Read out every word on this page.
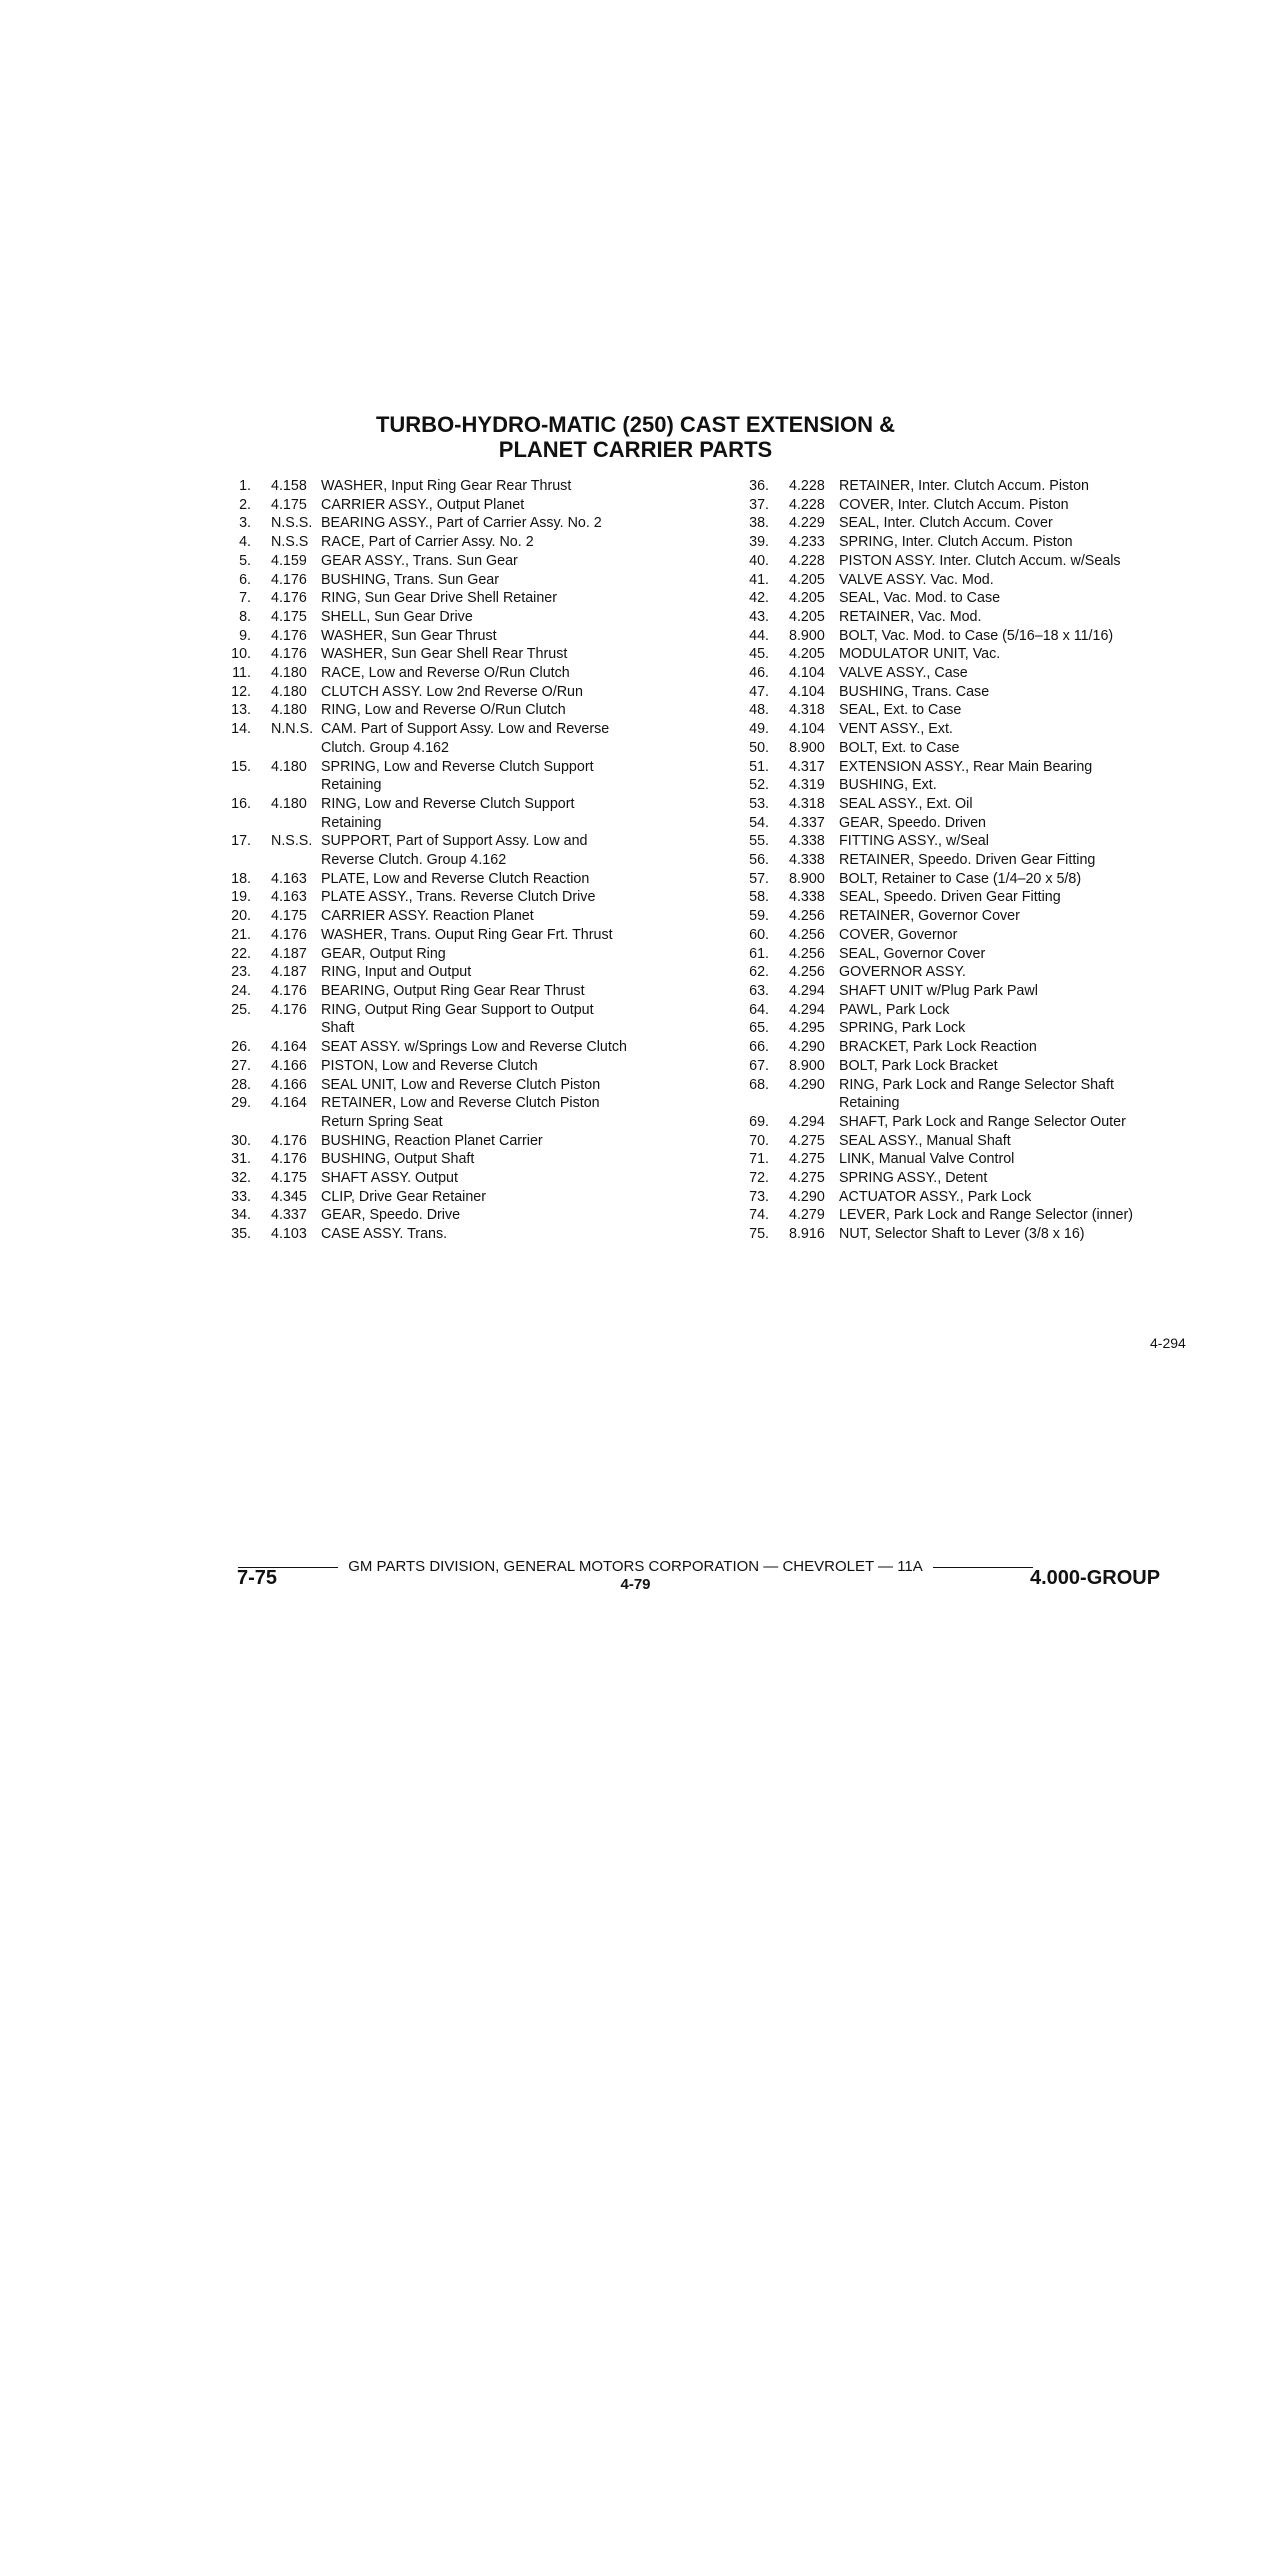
TURBO-HYDRO-MATIC (250) CAST EXTENSION &
PLANET CARRIER PARTS
1.	4.158 WASHER, Input Ring Gear Rear Thrust
2.	4.175 CARRIER ASSY., Output Planet
3.	N.S.S. BEARING ASSY., Part of Carrier Assy. No. 2
4.	N.S.S RACE, Part of Carrier Assy. No. 2
5.	4.159 GEAR ASSY., Trans. Sun Gear
6.	4.176 BUSHING, Trans. Sun Gear
7.	4.176 RING, Sun Gear Drive Shell Retainer
8.	4.175 SHELL, Sun Gear Drive
9.	4.176 WASHER, Sun Gear Thrust
10.	4.176 WASHER, Sun Gear Shell Rear Thrust
11.	4.180 RACE, Low and Reverse O/Run Clutch
12.	4.180 CLUTCH ASSY. Low 2nd Reverse O/Run
13.	4.180 RING, Low and Reverse O/Run Clutch
14.	N.N.S. CAM. Part of Support Assy. Low and Reverse
Clutch. Group 4.162
15.	4.180 SPRING, Low and Reverse Clutch Support
Retaining
16.	4.180 RING, Low and Reverse Clutch Support
Retaining
17.	N.S.S. SUPPORT, Part of Support Assy. Low and
Reverse Clutch. Group 4.162
18.	4.163 PLATE, Low and Reverse Clutch Reaction
19.	4.163 PLATE ASSY., Trans. Reverse Clutch Drive
20.	4.175 CARRIER ASSY. Reaction Planet
21.	4.176 WASHER, Trans. Ouput Ring Gear Frt. Thrust
22.	4.187 GEAR, Output Ring
23.	4.187 RING, Input and Output
24.	4.176 BEARING, Output Ring Gear Rear Thrust
25.	4.176 RING, Output Ring Gear Support to Output
Shaft
26.	4.164 SEAT ASSY. w/Springs Low and Reverse Clutch
27.	4.166 PISTON, Low and Reverse Clutch
28.	4.166 SEAL UNIT, Low and Reverse Clutch Piston
29.	4.164 RETAINER, Low and Reverse Clutch Piston
Return Spring Seat
30.	4.176 BUSHING, Reaction Planet Carrier
31.	4.176 BUSHING, Output Shaft
32.	4.175 SHAFT ASSY. Output
33.	4.345 CLIP, Drive Gear Retainer
34.	4.337 GEAR, Speedo. Drive
35.	4.103 CASE ASSY. Trans.
36.	4.228 RETAINER, Inter. Clutch Accum. Piston
37.	4.228 COVER, Inter. Clutch Accum. Piston
38.	4.229 SEAL, Inter. Clutch Accum. Cover
39.	4.233 SPRING, Inter. Clutch Accum. Piston
40.	4.228 PISTON ASSY. Inter. Clutch Accum. w/Seals
41.	4.205 VALVE ASSY. Vac. Mod.
42.	4.205 SEAL, Vac. Mod. to Case
43.	4.205 RETAINER, Vac. Mod.
44.	8.900 BOLT, Vac. Mod. to Case (5/16–18 x 11/16)
45.	4.205 MODULATOR UNIT, Vac.
46.	4.104 VALVE ASSY., Case
47.	4.104 BUSHING, Trans. Case
48.	4.318 SEAL, Ext. to Case
49.	4.104 VENT ASSY., Ext.
50.	8.900 BOLT, Ext. to Case
51.	4.317 EXTENSION ASSY., Rear Main Bearing
52.	4.319 BUSHING, Ext.
53.	4.318 SEAL ASSY., Ext. Oil
54.	4.337 GEAR, Speedo. Driven
55.	4.338 FITTING ASSY., w/Seal
56.	4.338 RETAINER, Speedo. Driven Gear Fitting
57.	8.900 BOLT, Retainer to Case (1/4–20 x 5/8)
58.	4.338 SEAL, Speedo. Driven Gear Fitting
59.	4.256 RETAINER, Governor Cover
60.	4.256 COVER, Governor
61.	4.256 SEAL, Governor Cover
62.	4.256 GOVERNOR ASSY.
63.	4.294 SHAFT UNIT w/Plug Park Pawl
64.	4.294 PAWL, Park Lock
65.	4.295 SPRING, Park Lock
66.	4.290 BRACKET, Park Lock Reaction
67.	8.900 BOLT, Park Lock Bracket
68.	4.290 RING, Park Lock and Range Selector Shaft
Retaining
69.	4.294 SHAFT, Park Lock and Range Selector Outer
70.	4.275 SEAL ASSY., Manual Shaft
71.	4.275 LINK, Manual Valve Control
72.	4.275 SPRING ASSY., Detent
73.	4.290 ACTUATOR ASSY., Park Lock
74.	4.279 LEVER, Park Lock and Range Selector (inner)
75.	8.916 NUT, Selector Shaft to Lever (3/8 x 16)
4-294
GM PARTS DIVISION, GENERAL MOTORS CORPORATION — CHEVROLET — 11A
7-75	4-79	4.000-GROUP
